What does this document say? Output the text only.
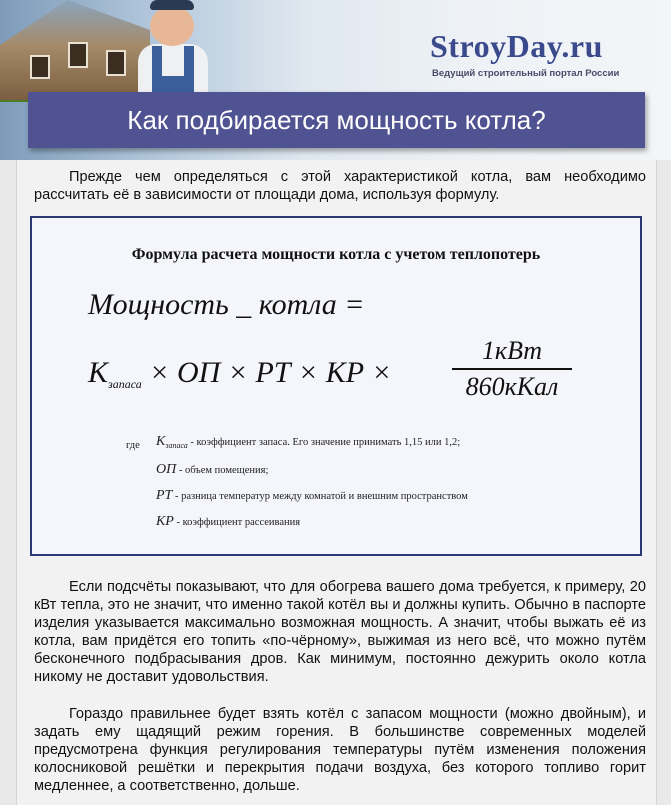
StroyDay.ru
Ведущий строительный портал России
Как подбирается мощность котла?

Прежде чем определяться с этой характеристикой котла, вам необходимо рассчитать её в зависимости от площади дома, используя формулу.

Формула расчета мощности котла с учетом теплопотерь
Мощность _ котла =
$K_{запаса}$ × ОП × РТ × КР ×
1кВт
860кКал
где $K_{запаса}$ - коэффициент запаса. Его значение принимать 1,15 или 1,2;
ОП - объем помещения;
РТ - разница температур между комнатой и внешним пространством
КР - коэффициент рассеивания

Если подсчёты показывают, что для обогрева вашего дома требуется, к примеру, 20 кВт тепла, это не значит, что именно такой котёл вы и должны купить. Обычно в паспорте изделия указывается максимально возможная мощность. А значит, чтобы выжать её из котла, вам придётся его топить «по-чёрному», выжимая из него всё, что можно путём бесконечного подбрасывания дров. Как минимум, постоянно дежурить около котла никому не доставит удовольствия.

Гораздо правильнее будет взять котёл с запасом мощности (можно двойным), и задать ему щадящий режим горения. В большинстве современных моделей предусмотрена функция регулирования температуры путём изменения положения колосниковой решётки и перекрытия подачи воздуха, без которого топливо горит медленнее, а соответственно, дольше.
